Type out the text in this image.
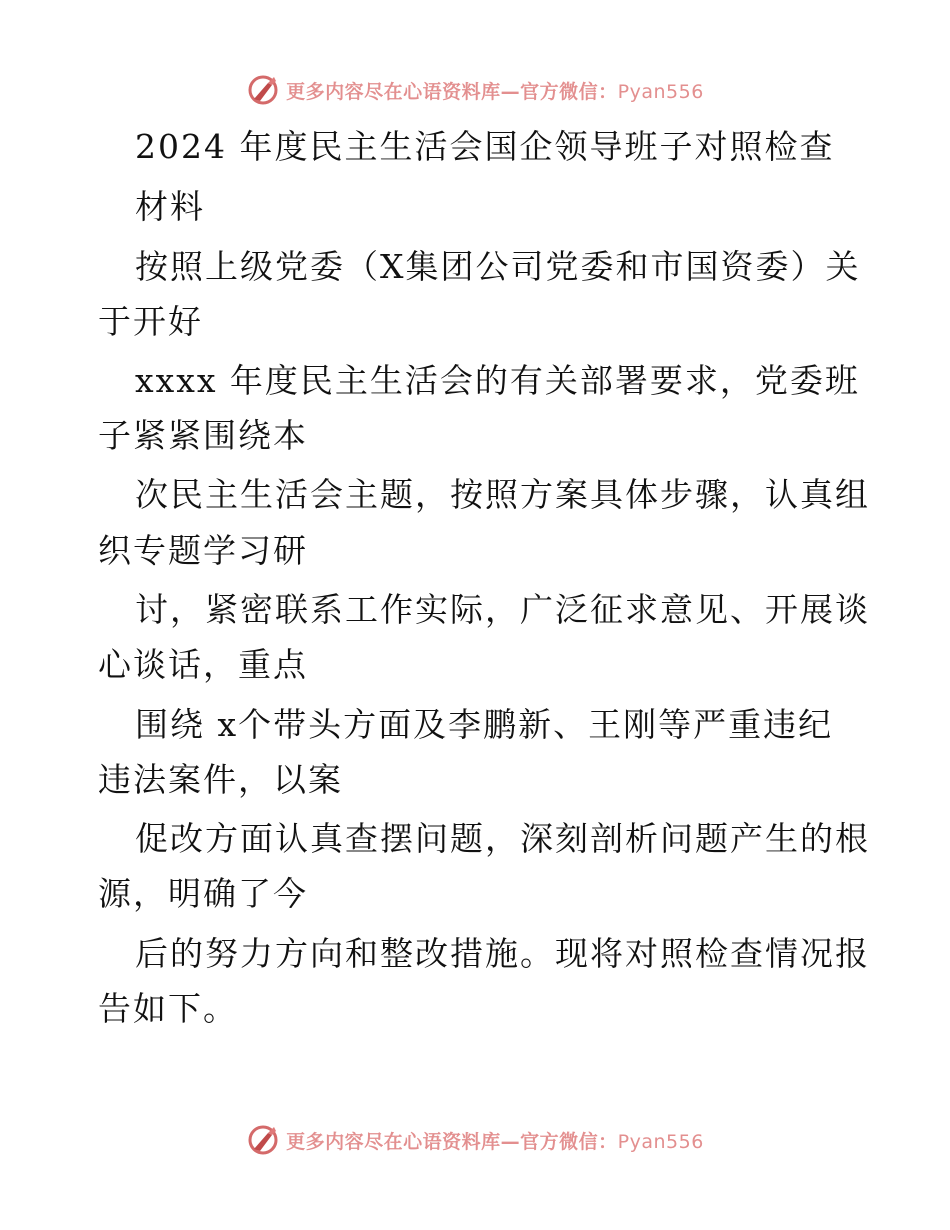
更多内容尽在心语资料库—官方微信：Pyan556
2024 年度民主生活会国企领导班子对照检查
材料
按照上级党委（X集团公司党委和市国资委）关
于开好
xxxx 年度民主生活会的有关部署要求，党委班
子紧紧围绕本
次民主生活会主题，按照方案具体步骤，认真组
织专题学习研
讨，紧密联系工作实际，广泛征求意见、开展谈
心谈话，重点
围绕 x个带头方面及李鹏新、王刚等严重违纪
违法案件，以案
促改方面认真查摆问题，深刻剖析问题产生的根
源，明确了今
后的努力方向和整改措施。现将对照检查情况报
告如下。
更多内容尽在心语资料库—官方微信：Pyan556
